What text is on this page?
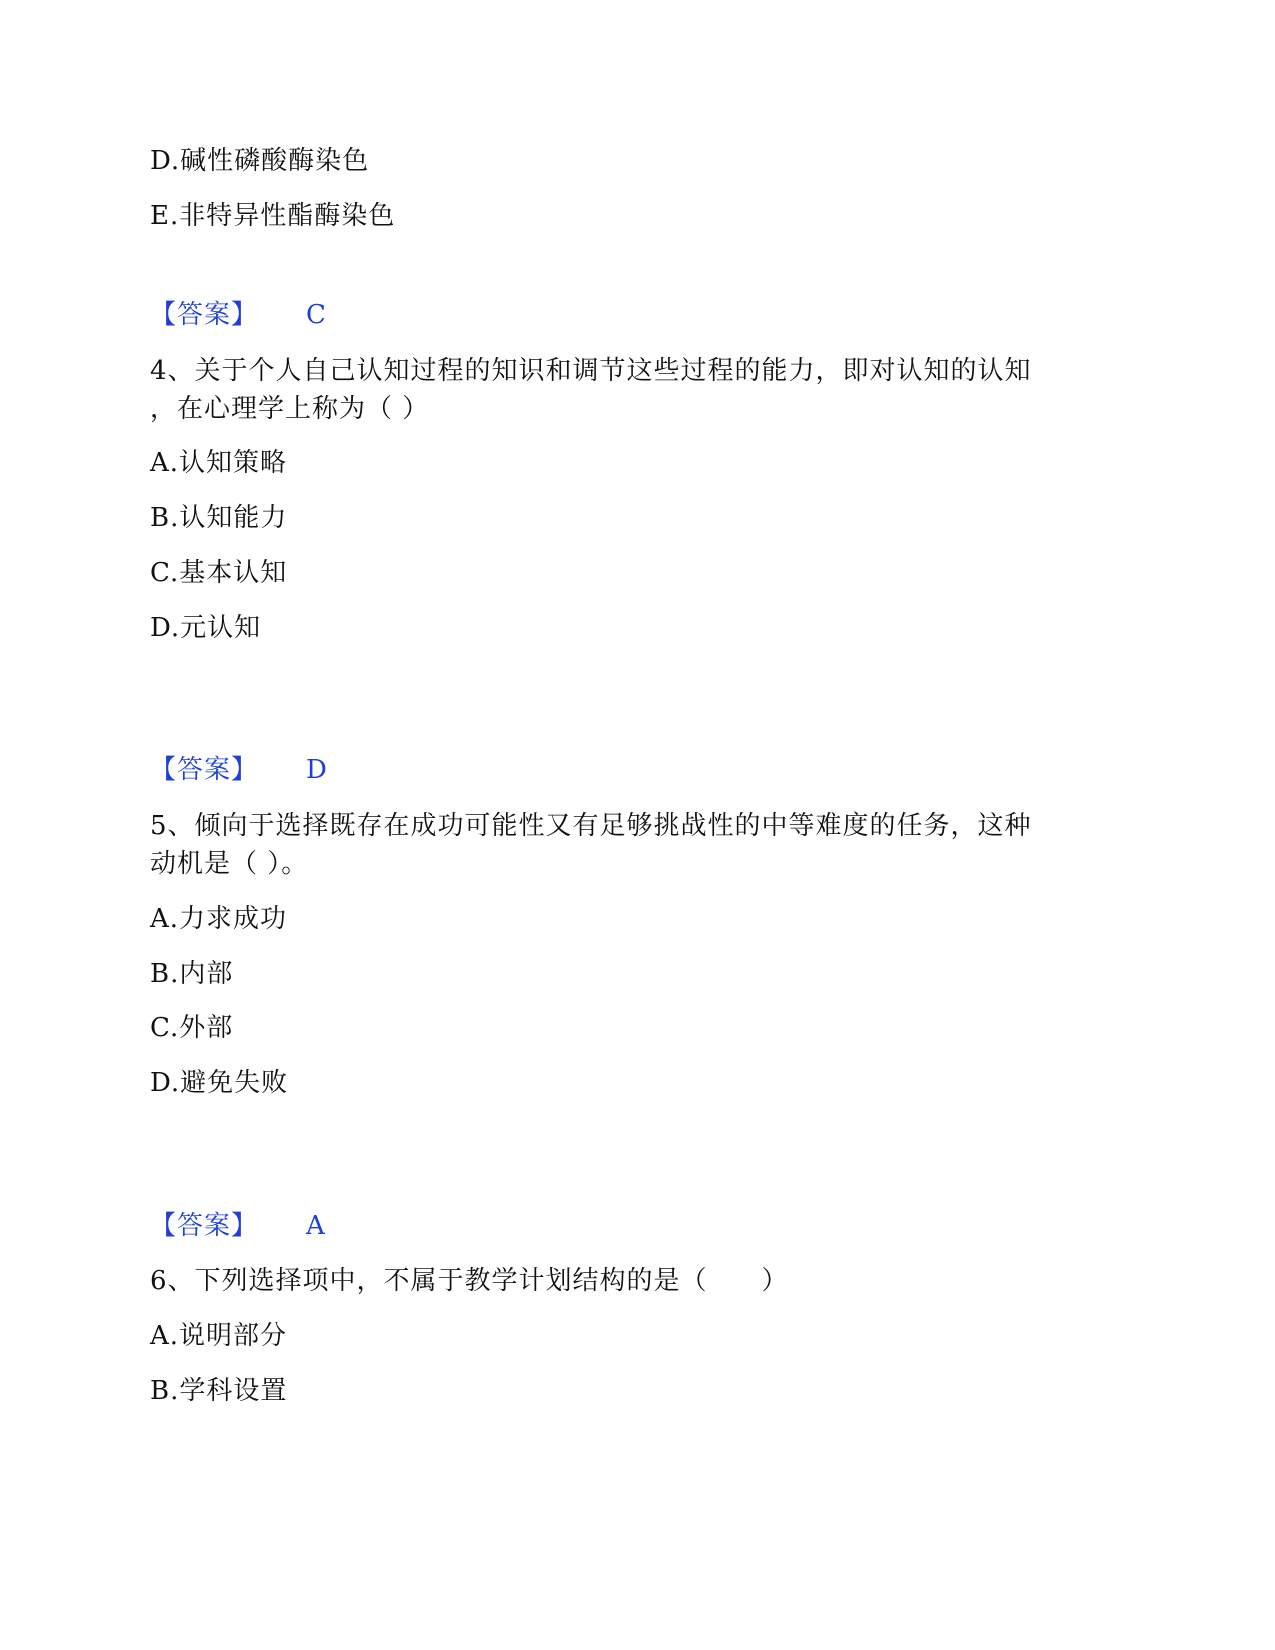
D.碱性磷酸酶染色
E.非特异性酯酶染色
【答案】 C
4、关于个人自己认知过程的知识和调节这些过程的能力，即对认知的认知
，在心理学上称为（ ）
A.认知策略
B.认知能力
C.基本认知
D.元认知
【答案】 D
5、倾向于选择既存在成功可能性又有足够挑战性的中等难度的任务，这种
动机是（ ）。
A.力求成功
B.内部
C.外部
D.避免失败
【答案】 A
6、下列选择项中，不属于教学计划结构的是（　　）
A.说明部分
B.学科设置
